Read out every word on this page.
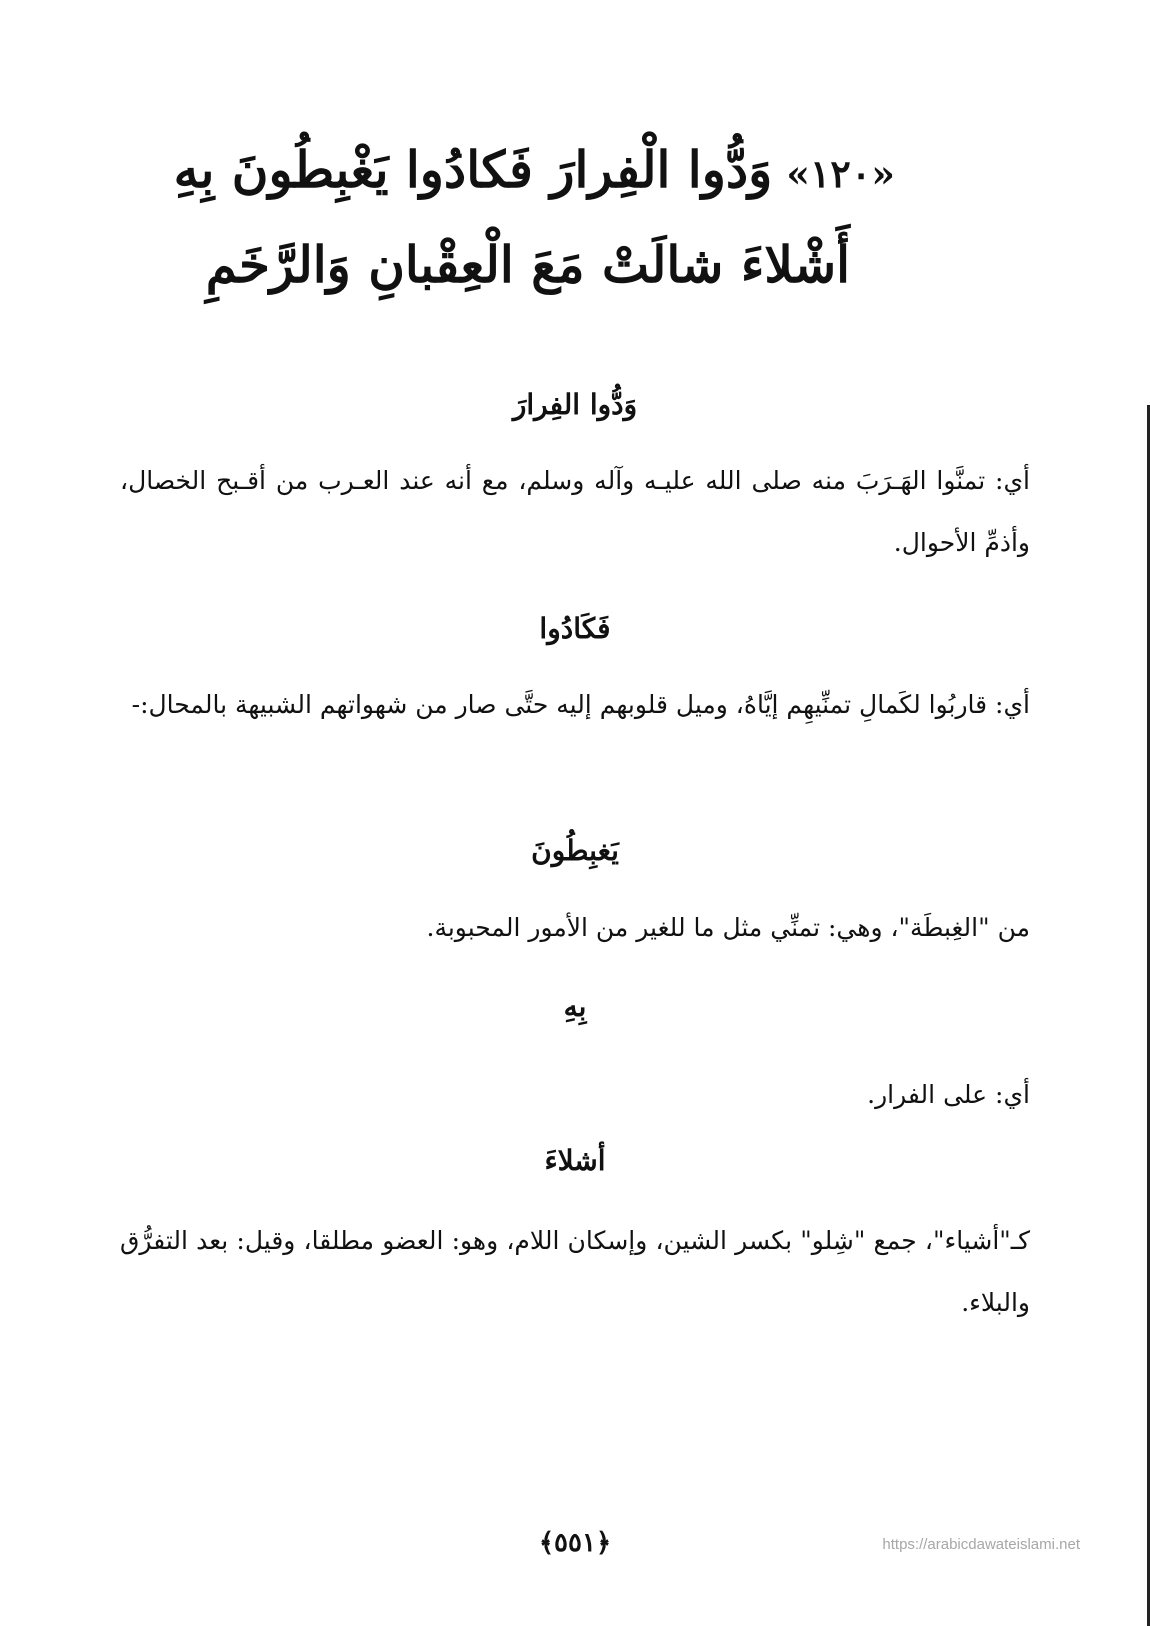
«١٢٠»وَدُّوا الْفِرارَ فَكادُوا يَغْبِطُونَ بِهِ
أَشْلاءَ شالَتْ مَعَ الْعِقْبانِ وَالرَّخَمِ
وَدُّوا الفِرارَ
أي: تمنَّوا الهَـرَبَ منه صلى الله عليـه وآله وسلم، مع أنه عند العـرب من أقـبح الخصال، وأذمِّ الأحوال.
فَكَادُوا
أي: قاربُوا لكَمالِ تمنِّيهِم إيَّاهُ، وميل قلوبهم إليه حتَّى صار من شهواتهم الشبيهة بالمحال:-
يَغبِطُونَ
من "الغِبطَة"، وهي: تمنِّي مثل ما للغير من الأمور المحبوبة.
بِهِ
أي: على الفرار.
أشلاءَ
كـ"أشياء"، جمع "شِلو" بكسر الشين، وإسكان اللام، وهو: العضو مطلقا، وقيل: بعد التفرُّق والبلاء.
﴿٥٥١﴾	https://arabicdawateislami.net
